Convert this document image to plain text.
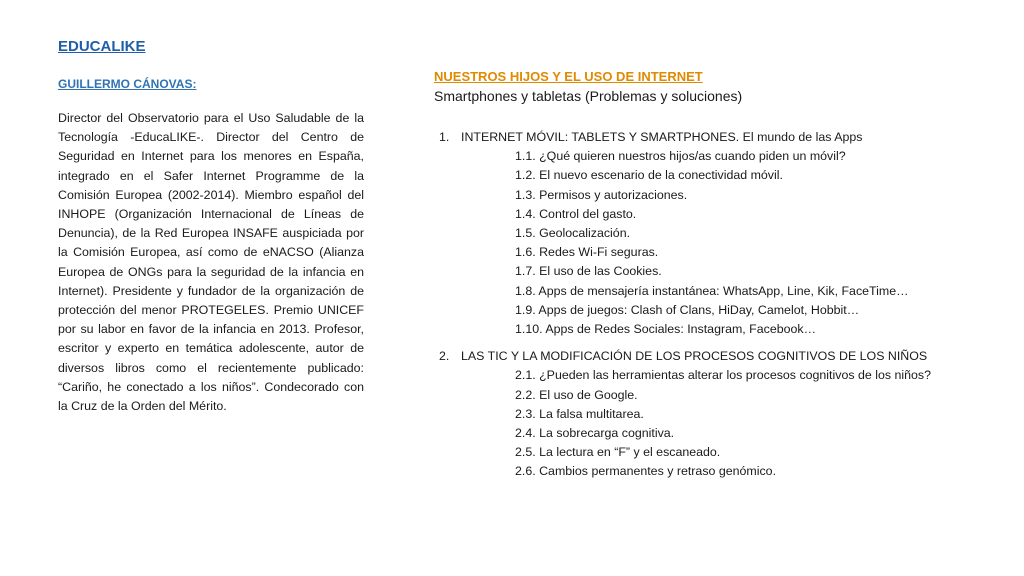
EDUCALIKE
GUILLERMO CÁNOVAS:

Director del Observatorio para el Uso Saludable de la Tecnología -EducaLIKE-. Director del Centro de Seguridad en Internet para los menores en España, integrado en el Safer Internet Programme de la Comisión Europea (2002-2014). Miembro español del INHOPE (Organización Internacional de Líneas de Denuncia), de la Red Europea INSAFE auspiciada por la Comisión Europea, así como de eNACSO (Alianza Europea de ONGs para la seguridad de la infancia en Internet). Presidente y fundador de la organización de protección del menor PROTEGELES. Premio UNICEF por su labor en favor de la infancia en 2013. Profesor, escritor y experto en temática adolescente, autor de diversos libros como el recientemente publicado: “Cariño, he conectado a los niños”. Condecorado con la Cruz de la Orden del Mérito.

NUESTROS HIJOS Y EL USO DE INTERNET
Smartphones y tabletas (Problemas y soluciones)
1. INTERNET MÓVIL: TABLETS Y SMARTPHONES. El mundo de las Apps
1.1. ¿Qué quieren nuestros hijos/as cuando piden un móvil?
1.2. El nuevo escenario de la conectividad móvil.
1.3. Permisos y autorizaciones.
1.4. Control del gasto.
1.5. Geolocalización.
1.6. Redes Wi-Fi seguras.
1.7. El uso de las Cookies.
1.8. Apps de mensajería instantánea: WhatsApp, Line, Kik, FaceTime…
1.9. Apps de juegos: Clash of Clans, HiDay, Camelot, Hobbit…
1.10. Apps de Redes Sociales: Instagram, Facebook…
2. LAS TIC Y LA MODIFICACIÓN DE LOS PROCESOS COGNITIVOS DE LOS NIÑOS
2.1. ¿Pueden las herramientas alterar los procesos cognitivos de los niños?
2.2. El uso de Google.
2.3. La falsa multitarea.
2.4. La sobrecarga cognitiva.
2.5. La lectura en “F” y el escaneado.
2.6. Cambios permanentes y retraso genómico.
